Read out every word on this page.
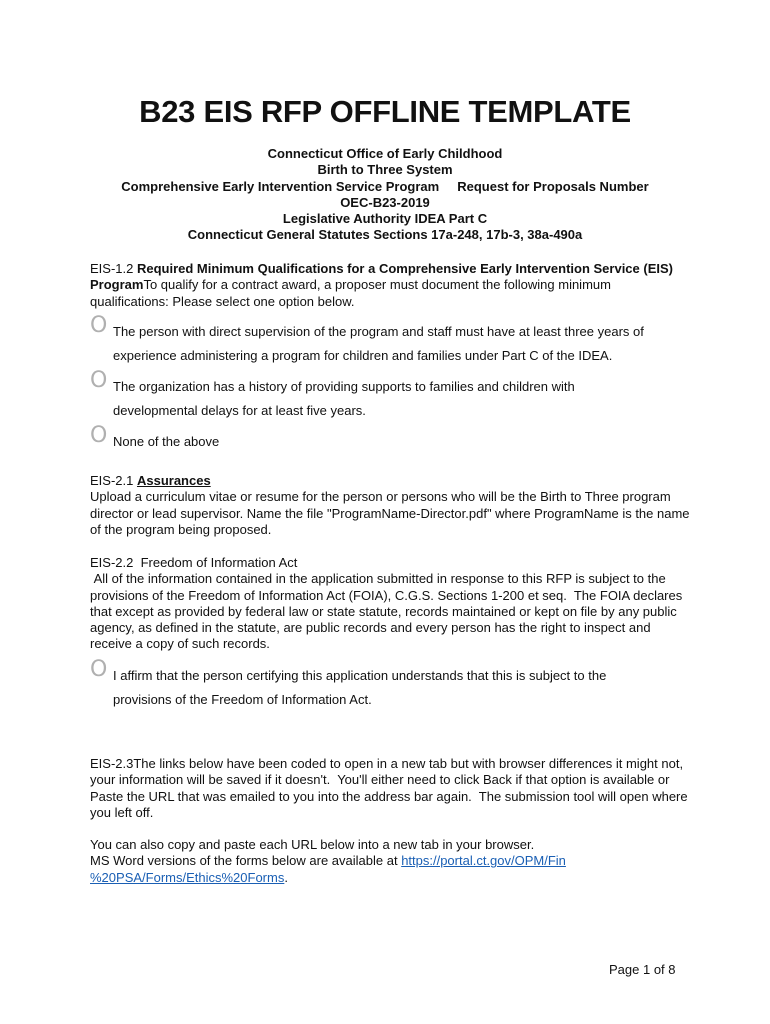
B23 EIS RFP OFFLINE TEMPLATE
Connecticut Office of Early Childhood
Birth to Three System
Comprehensive Early Intervention Service Program     Request for Proposals Number
OEC-B23-2019
Legislative Authority IDEA Part C
Connecticut General Statutes Sections 17a-248, 17b-3, 38a-490a
EIS-1.2 Required Minimum Qualifications for a Comprehensive Early Intervention Service (EIS) ProgramTo qualify for a contract award, a proposer must document the following minimum qualifications: Please select one option below.
O The person with direct supervision of the program and staff must have at least three years of
experience administering a program for children and families under Part C of the IDEA.
O The organization has a history of providing supports to families and children with
developmental delays for at least five years.
O None of the above
EIS-2.1 Assurances
Upload a curriculum vitae or resume for the person or persons who will be the Birth to Three program director or lead supervisor. Name the file "ProgramName-Director.pdf" where ProgramName is the name of the program being proposed.
EIS-2.2  Freedom of Information Act
All of the information contained in the application submitted in response to this RFP is subject to the provisions of the Freedom of Information Act (FOIA), C.G.S. Sections 1-200 et seq.  The FOIA declares that except as provided by federal law or state statute, records maintained or kept on file by any public agency, as defined in the statute, are public records and every person has the right to inspect and receive a copy of such records.
O I affirm that the person certifying this application understands that this is subject to the
provisions of the Freedom of Information Act.
EIS-2.3The links below have been coded to open in a new tab but with browser differences it might not, your information will be saved if it doesn't.  You'll either need to click Back if that option is available or Paste the URL that was emailed to you into the address bar again.  The submission tool will open where you left off.
You can also copy and paste each URL below into a new tab in your browser.
MS Word versions of the forms below are available at https://portal.ct.gov/OPM/Fin
%20PSA/Forms/Ethics%20Forms.
Page 1 of 8
